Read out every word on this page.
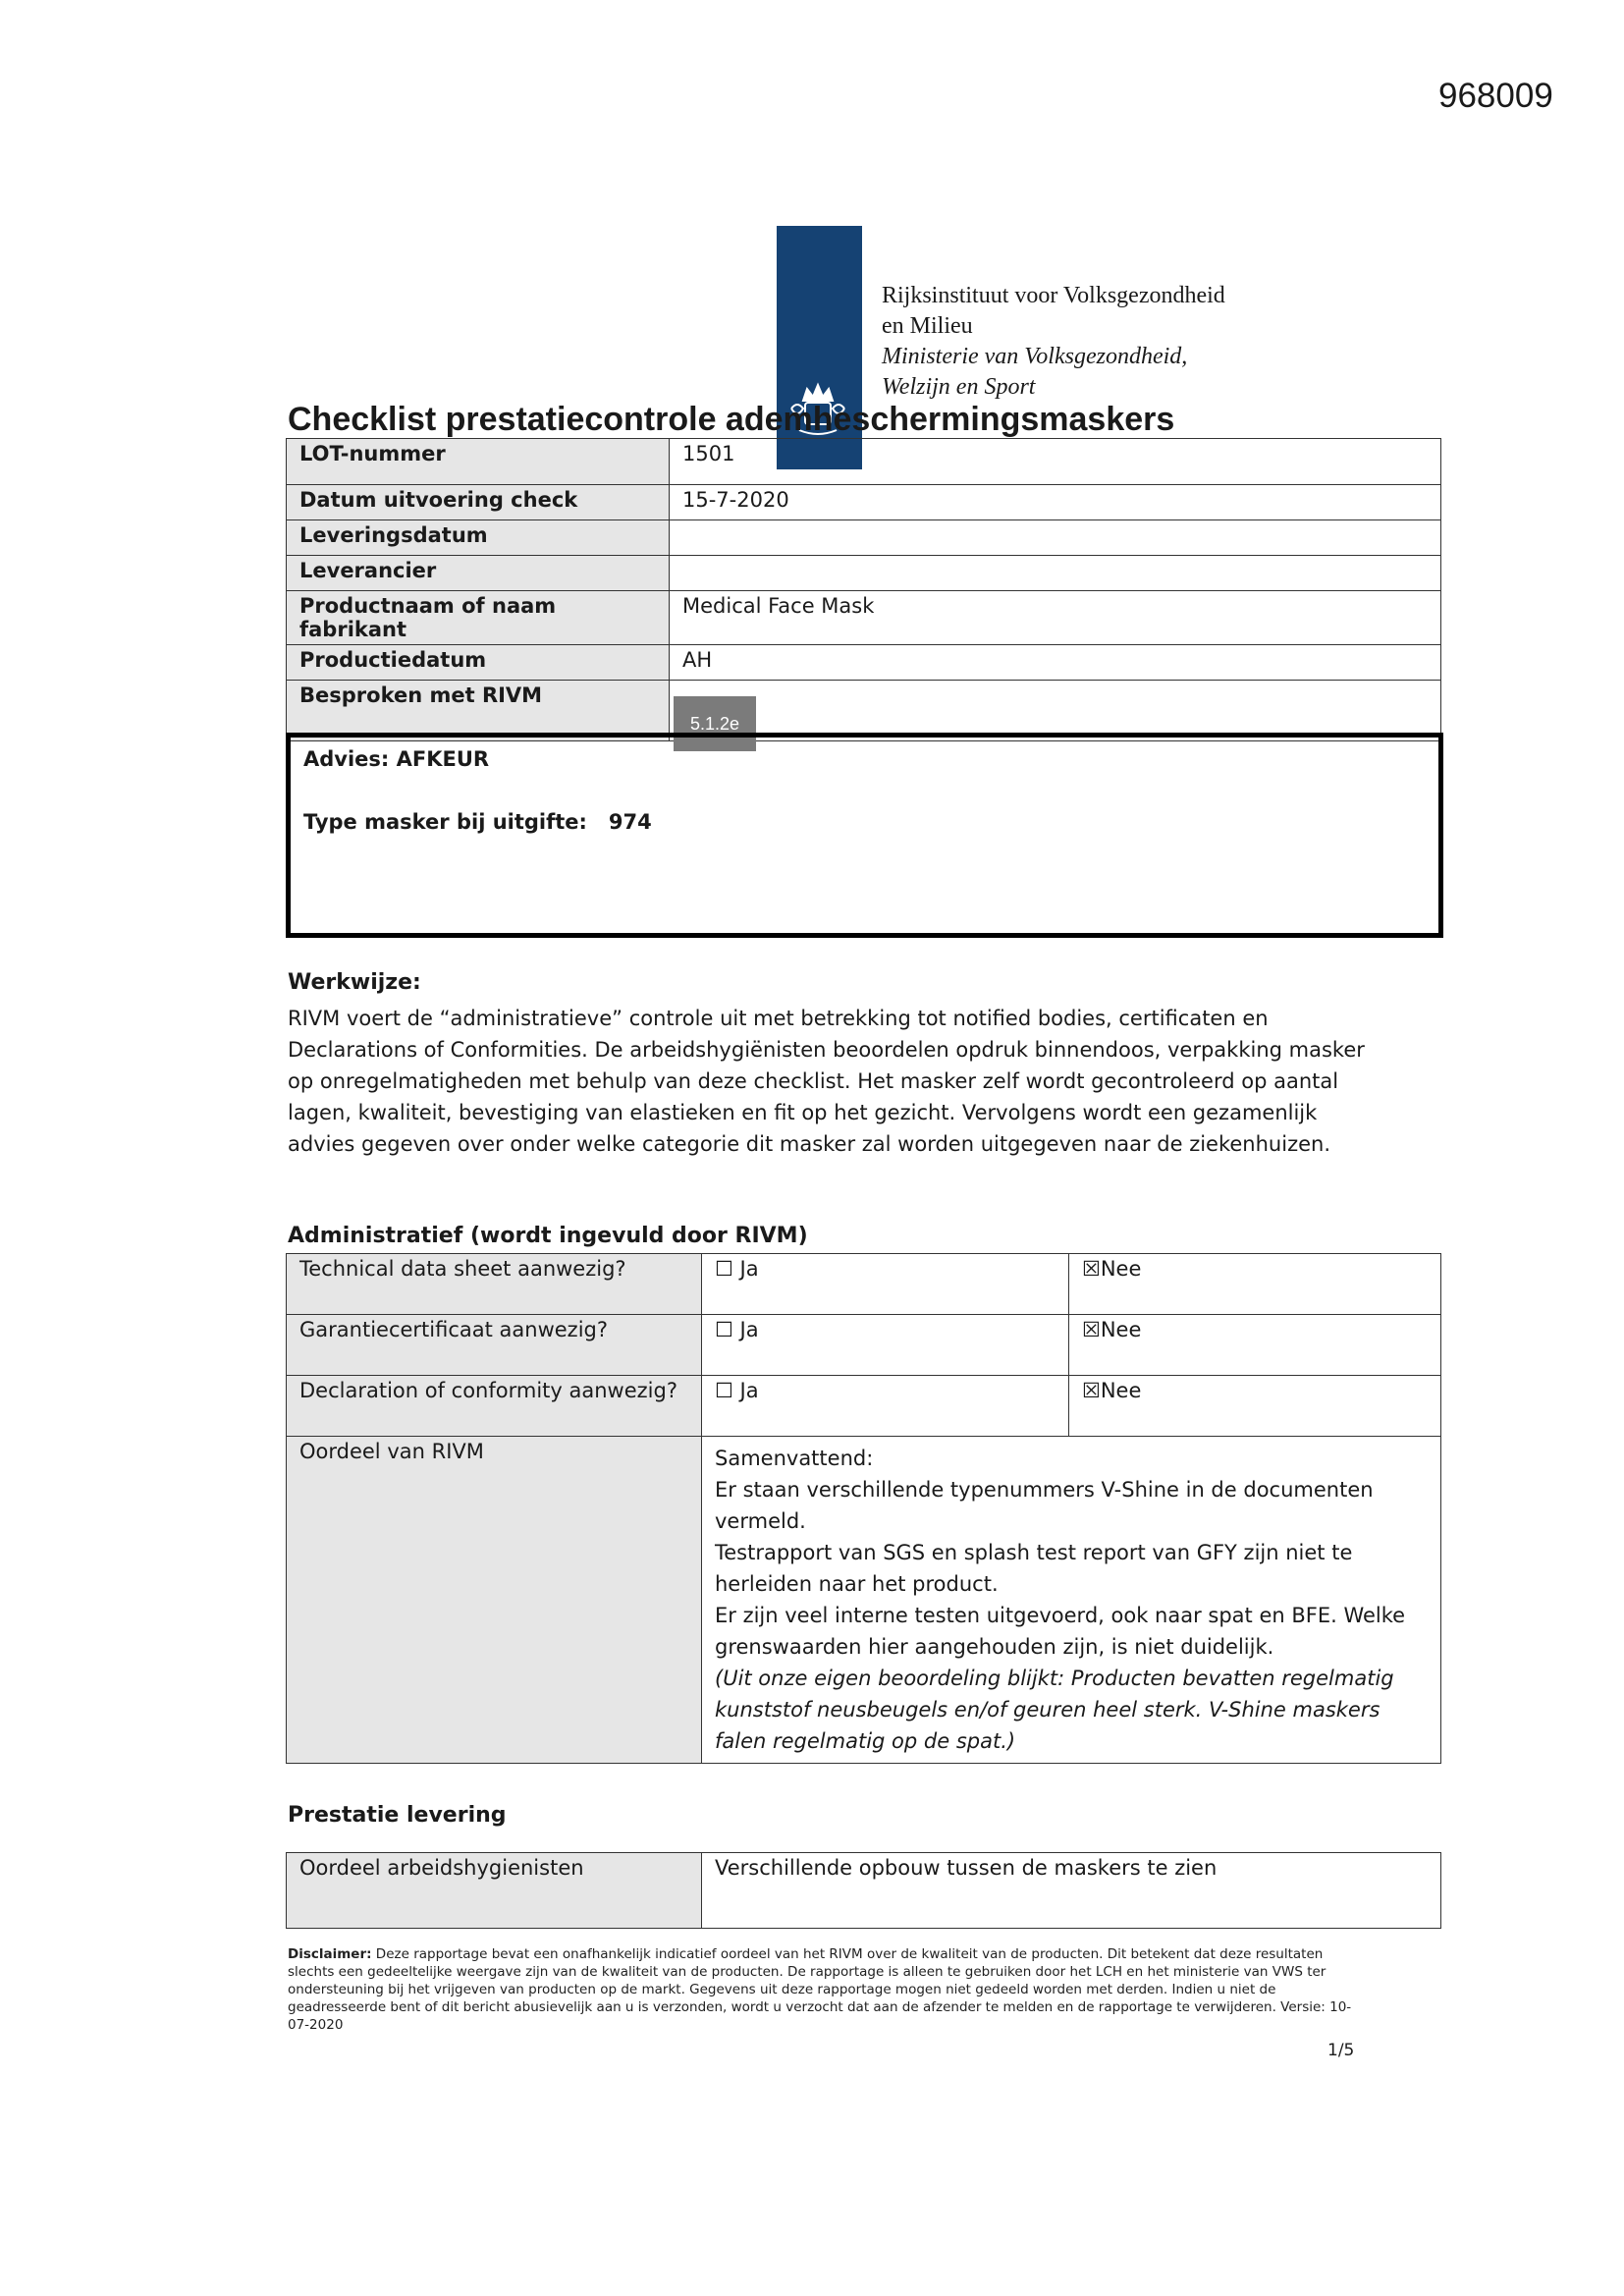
968009
Rijksinstituut voor Volksgezondheid
en Milieu
Ministerie van Volksgezondheid,
Welzijn en Sport
Checklist prestatiecontrole ademheschermingsmaskers
LOT-nummer	1501
Datum uitvoering check	15-7-2020
Leveringsdatum	
Leverancier	
Productnaam of naam fabrikant	Medical Face Mask
Productiedatum	AH
Besproken met RIVM	
5.1.2e
Advies: AFKEUR
Type masker bij uitgifte:   974
Werkwijze:

RIVM voert de “administratieve” controle uit met betrekking tot notified bodies, certificaten en Declarations of Conformities. De arbeidshygiënisten beoordelen opdruk binnendoos, verpakking masker op onregelmatigheden met behulp van deze checklist. Het masker zelf wordt gecontroleerd op aantal lagen, kwaliteit, bevestiging van elastieken en fit op het gezicht. Vervolgens wordt een gezamenlijk advies gegeven over onder welke categorie dit masker zal worden uitgegeven naar de ziekenhuizen.

Administratief (wordt ingevuld door RIVM)
Technical data sheet aanwezig?	☐ Ja	☒Nee
Garantiecertificaat aanwezig?	☐ Ja	☒Nee
Declaration of conformity aanwezig?	☐ Ja	☒Nee
Oordeel van RIVM	Samenvattend:
Er staan verschillende typenummers V-Shine in de documenten vermeld.
Testrapport van SGS en splash test report van GFY zijn niet te herleiden naar het product.
Er zijn veel interne testen uitgevoerd, ook naar spat en BFE. Welke grenswaarden hier aangehouden zijn, is niet duidelijk.
(Uit onze eigen beoordeling blijkt: Producten bevatten regelmatig kunststof neusbeugels en/of geuren heel sterk. V-Shine maskers falen regelmatig op de spat.)	
Prestatie levering
Oordeel arbeidshygienisten	Verschillende opbouw tussen de maskers te zien

Disclaimer: Deze rapportage bevat een onafhankelijk indicatief oordeel van het RIVM over de kwaliteit van de producten. Dit betekent dat deze resultaten slechts een gedeeltelijke weergave zijn van de kwaliteit van de producten. De rapportage is alleen te gebruiken door het LCH en het ministerie van VWS ter ondersteuning bij het vrijgeven van producten op de markt. Gegevens uit deze rapportage mogen niet gedeeld worden met derden. Indien u niet de geadresseerde bent of dit bericht abusievelijk aan u is verzonden, wordt u verzocht dat aan de afzender te melden en de rapportage te verwijderen. Versie: 10-07-2020

1/5
